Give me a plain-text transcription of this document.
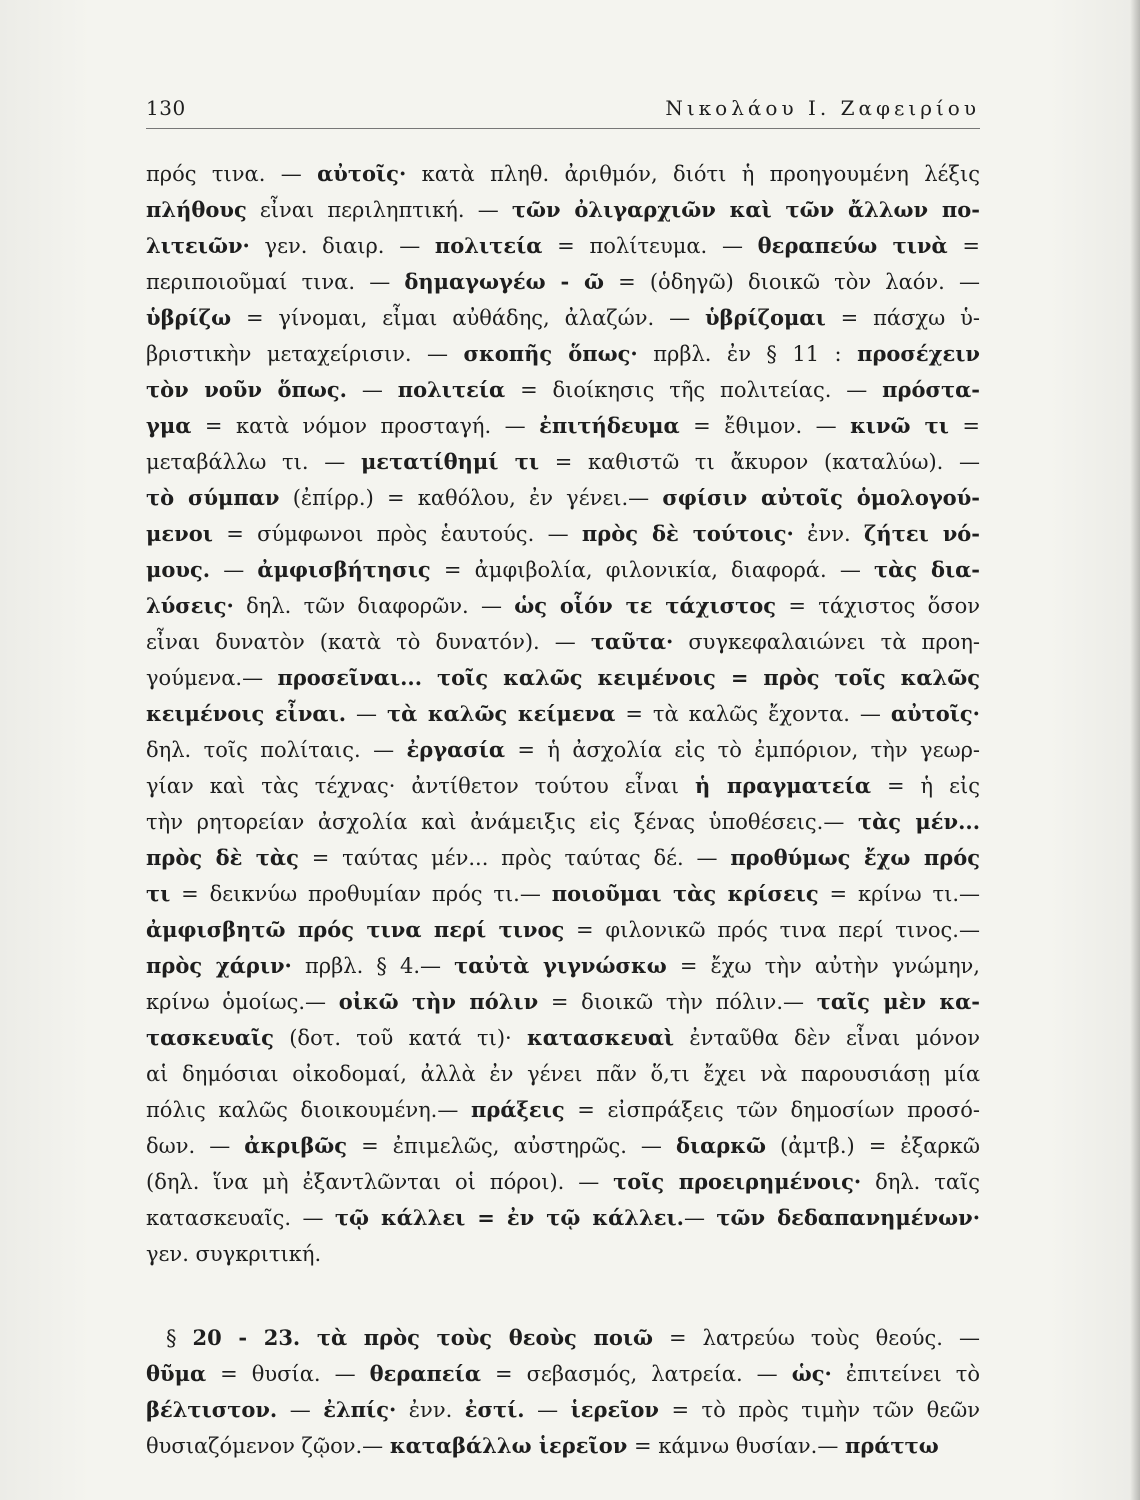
130	Νικολάου Ι. Ζαφειρίου
πρός τινα. — αὐτοῖς· κατὰ πληθ. ἀριθμόν, διότι ἡ προηγουμένη λέξις
πλήθους εἶναι περιληπτική. — τῶν ὀλιγαρχιῶν καὶ τῶν ἄλλων πο-
λιτειῶν· γεν. διαιρ. — πολιτεία = πολίτευμα. — θεραπεύω τινὰ =
περιποιοῦμαί τινα. — δημαγωγέω - ῶ = (ὁδηγῶ) διοικῶ τὸν λαόν. —
ὑβρίζω = γίνομαι, εἶμαι αὐθάδης, ἀλαζών. — ὑβρίζομαι = πάσχω ὑ-
βριστικὴν μεταχείρισιν. — σκοπῆς ὅπως· πρβλ. ἐν § 11 : προσέχειν
τὸν νοῦν ὅπως. — πολιτεία = διοίκησις τῆς πολιτείας. — πρόστα-
γμα = κατὰ νόμον προσταγή. — ἐπιτήδευμα = ἔθιμον. — κινῶ τι =
μεταβάλλω τι. — μετατίθημί τι = καθιστῶ τι ἄκυρον (καταλύω). —
τὸ σύμπαν (ἐπίρρ.) = καθόλου, ἐν γένει.— σφίσιν αὐτοῖς ὁμολογού-
μενοι = σύμφωνοι πρὸς ἑαυτούς. — πρὸς δὲ τούτοις· ἐνν. ζήτει νό-
μους. — ἀμφισβήτησις = ἀμφιβολία, φιλονικία, διαφορά. — τὰς δια-
λύσεις· δηλ. τῶν διαφορῶν. — ὡς οἷόν τε τάχιστος = τάχιστος ὅσον
εἶναι δυνατὸν (κατὰ τὸ δυνατόν). — ταῦτα· συγκεφαλαιώνει τὰ προη-
γούμενα.— προσεῖναι... τοῖς καλῶς κειμένοις = πρὸς τοῖς καλῶς
κειμένοις εἶναι. — τὰ καλῶς κείμενα = τὰ καλῶς ἔχοντα. — αὐτοῖς·
δηλ. τοῖς πολίταις. — ἐργασία = ἡ ἀσχολία εἰς τὸ ἐμπόριον, τὴν γεωρ-
γίαν καὶ τὰς τέχνας· ἀντίθετον τούτου εἶναι ἡ πραγματεία = ἡ εἰς
τὴν ρητορείαν ἀσχολία καὶ ἀνάμειξις εἰς ξένας ὑποθέσεις.— τὰς μέν...
πρὸς δὲ τὰς = ταύτας μέν... πρὸς ταύτας δέ. — προθύμως ἔχω πρός
τι = δεικνύω προθυμίαν πρός τι.— ποιοῦμαι τὰς κρίσεις = κρίνω τι.—
ἀμφισβητῶ πρός τινα περί τινος = φιλονικῶ πρός τινα περί τινος.—
πρὸς χάριν· πρβλ. § 4.— ταὐτὰ γιγνώσκω = ἔχω τὴν αὐτὴν γνώμην,
κρίνω ὁμοίως.— οἰκῶ τὴν πόλιν = διοικῶ τὴν πόλιν.— ταῖς μὲν κα-
τασκευαῖς (δοτ. τοῦ κατά τι)· κατασκευαὶ ἐνταῦθα δὲν εἶναι μόνον
αἱ δημόσιαι οἰκοδομαί, ἀλλὰ ἐν γένει πᾶν ὅ,τι ἔχει νὰ παρουσιάσῃ μία
πόλις καλῶς διοικουμένη.— πράξεις = εἰσπράξεις τῶν δημοσίων προσό-
δων. — ἀκριβῶς = ἐπιμελῶς, αὐστηρῶς. — διαρκῶ (ἀμτβ.) = ἐξαρκῶ
(δηλ. ἵνα μὴ ἐξαντλῶνται οἱ πόροι). — τοῖς προειρημένοις· δηλ. ταῖς
κατασκευαῖς. — τῷ κάλλει = ἐν τῷ κάλλει.— τῶν δεδαπανημένων·
γεν. συγκριτική.
§ 20 - 23. τὰ πρὸς τοὺς θεοὺς ποιῶ = λατρεύω τοὺς θεούς. —
θῦμα = θυσία. — θεραπεία = σεβασμός, λατρεία. — ὡς· ἐπιτείνει τὸ
βέλτιστον. — ἐλπίς· ἐνν. ἐστί. — ἱερεῖον = τὸ πρὸς τιμὴν τῶν θεῶν
θυσιαζόμενον ζῷον.— καταβάλλω ἱερεῖον = κάμνω θυσίαν.— πράττω
